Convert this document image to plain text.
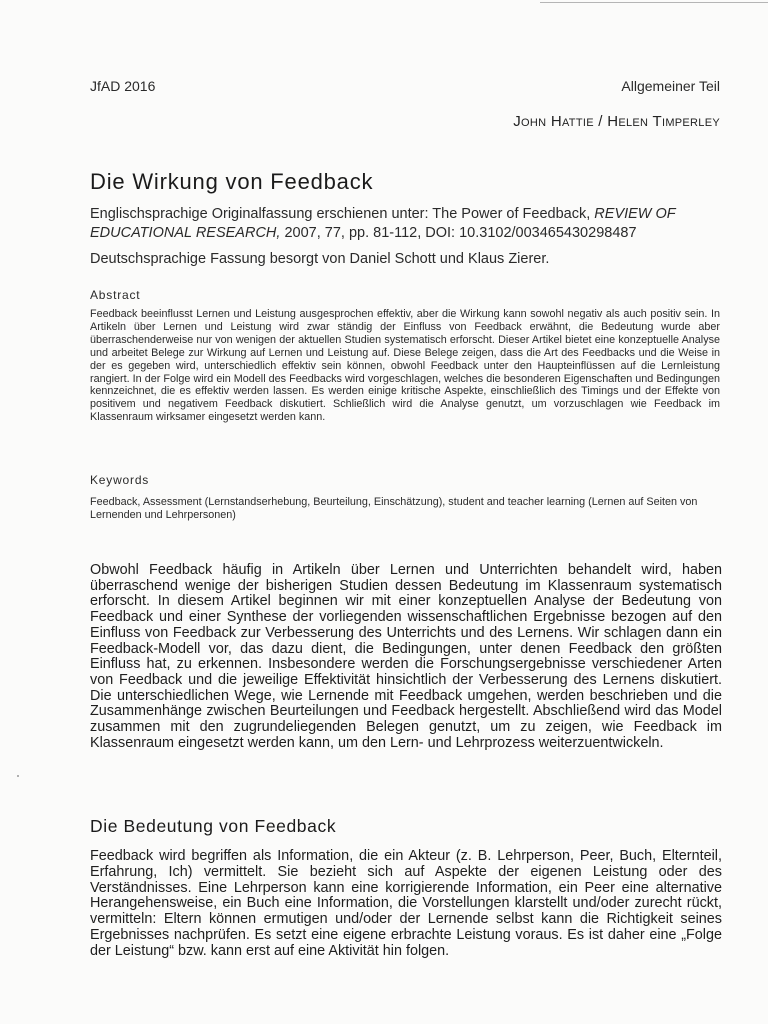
JfAD 2016	Allgemeiner Teil
John Hattie / Helen Timperley
Die Wirkung von Feedback
Englischsprachige Originalfassung erschienen unter: The Power of Feedback, REVIEW OF EDUCATIONAL RESEARCH, 2007, 77, pp. 81-112, DOI: 10.3102/003465430298487
Deutschsprachige Fassung besorgt von Daniel Schott und Klaus Zierer.
Abstract
Feedback beeinflusst Lernen und Leistung ausgesprochen effektiv, aber die Wirkung kann sowohl negativ als auch positiv sein. In Artikeln über Lernen und Leistung wird zwar ständig der Einfluss von Feedback erwähnt, die Bedeutung wurde aber überraschenderweise nur von wenigen der aktuellen Studien systematisch erforscht. Dieser Artikel bietet eine konzeptuelle Analyse und arbeitet Belege zur Wirkung auf Lernen und Leistung auf. Diese Belege zeigen, dass die Art des Feedbacks und die Weise in der es gegeben wird, unterschiedlich effektiv sein können, obwohl Feedback unter den Haupteinflüssen auf die Lernleistung rangiert. In der Folge wird ein Modell des Feedbacks wird vorgeschlagen, welches die besonderen Eigenschaften und Bedingungen kennzeichnet, die es effektiv werden lassen. Es werden einige kritische Aspekte, einschließlich des Timings und der Effekte von positivem und negativem Feedback diskutiert. Schließlich wird die Analyse genutzt, um vorzuschlagen wie Feedback im Klassenraum wirksamer eingesetzt werden kann.
Keywords
Feedback, Assessment (Lernstandserhebung, Beurteilung, Einschätzung), student and teacher learning (Lernen auf Seiten von Lernenden und Lehrpersonen)
Obwohl Feedback häufig in Artikeln über Lernen und Unterrichten behandelt wird, haben überraschend wenige der bisherigen Studien dessen Bedeutung im Klassenraum systematisch erforscht. In diesem Artikel beginnen wir mit einer konzeptuellen Analyse der Bedeutung von Feedback und einer Synthese der vorliegenden wissenschaftlichen Ergebnisse bezogen auf den Einfluss von Feedback zur Verbesserung des Unterrichts und des Lernens. Wir schlagen dann ein Feedback-Modell vor, das dazu dient, die Bedingungen, unter denen Feedback den größten Einfluss hat, zu erkennen. Insbesondere werden die Forschungsergebnisse verschiedener Arten von Feedback und die jeweilige Effektivität hinsichtlich der Verbesserung des Lernens diskutiert. Die unterschiedlichen Wege, wie Lernende mit Feedback umgehen, werden beschrieben und die Zusammenhänge zwischen Beurteilungen und Feedback hergestellt. Abschließend wird das Model zusammen mit den zugrundeliegenden Belegen genutzt, um zu zeigen, wie Feedback im Klassenraum eingesetzt werden kann, um den Lern- und Lehrprozess weiterzuentwickeln.
Die Bedeutung von Feedback
Feedback wird begriffen als Information, die ein Akteur (z. B. Lehrperson, Peer, Buch, Elternteil, Erfahrung, Ich) vermittelt. Sie bezieht sich auf Aspekte der eigenen Leistung oder des Verständnisses. Eine Lehrperson kann eine korrigierende Information, ein Peer eine alternative Herangehensweise, ein Buch eine Information, die Vorstellungen klarstellt und/oder zurecht rückt, vermitteln: Eltern können ermutigen und/oder der Lernende selbst kann die Richtigkeit seines Ergebnisses nachprüfen. Es setzt eine eigene erbrachte Leistung voraus. Es ist daher eine „Folge der Leistung“ bzw. kann erst auf eine Aktivität hin folgen.
